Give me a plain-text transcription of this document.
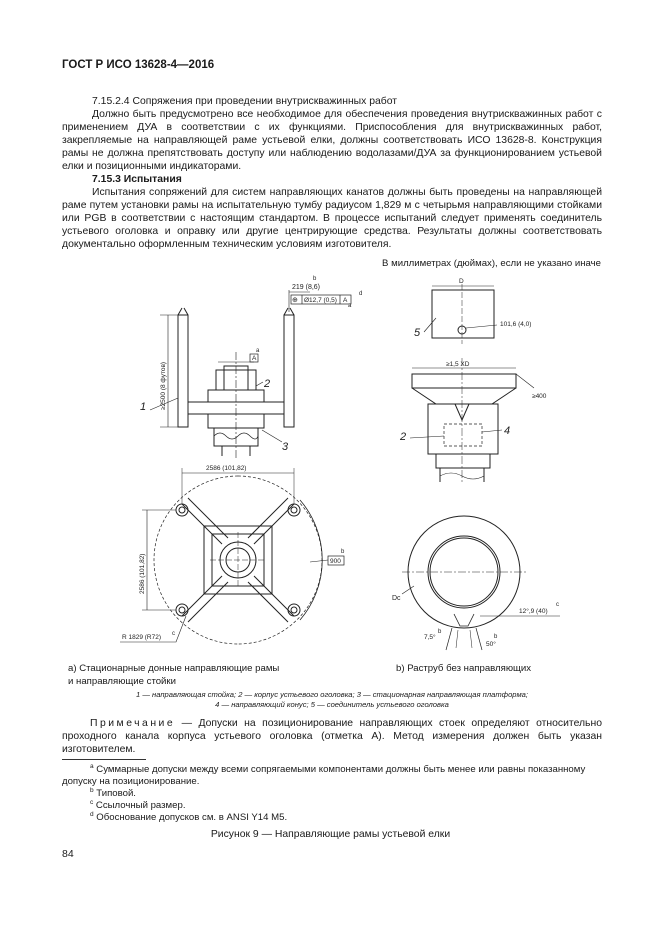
ГОСТ Р ИСО 13628-4—2016

7.15.2.4 Сопряжения при проведении внутрискважинных работ

Должно быть предусмотрено все необходимое для обеспечения проведения внутрискважинных работ с применением ДУА в соответствии с их функциями. Приспособления для внутрискважинных работ, закрепляемые на направляющей раме устьевой елки, должны соответствовать ИСО 13628-8. Конструкция рамы не должна препятствовать доступу или наблюдению водолазами/ДУА за функционированием устьевой елки и позиционными индикаторами.

7.15.3 Испытания

Испытания сопряжений для систем направляющих канатов должны быть проведены на направляющей раме путем установки рамы на испытательную тумбу радиусом 1,829 м с четырьмя направляющими стойками или PGB в соответствии с настоящим стандартом. В процессе испытаний следует применять соединитель устьевого оголовка и оправку или другие центрирующие средства. Результаты должны соответствовать документально оформленным техническим условиям изготовителя.

В миллиметрах (дюймах), если не указано иначе
219 (8,6)
b
⊕ Ø12,7 (0,5) A
d
a
A
a
≥2500 (8 футов)
1
2
3
2586 (101,82)
2586 (101,82)
R 1829 (R72) c
900
b
D
101,6 (4,0)
5
≥1,5 XD
≥400
2	4
Dc
12°,9 (40)
c
7,5°
b
50°
b
a) Стационарные донные направляющие рамы
и направляющие стойки
b) Раструб без направляющих
1 — направляющая стойка; 2 — корпус устьевого оголовка; 3 — стационарная направляющая платформа;
4 — направляющий конус; 5 — соединитель устьевого оголовка
Примечание — Допуски на позиционирование направляющих стоек определяют относительно проходного канала корпуса устьевого оголовка (отметка А). Метод измерения должен быть указан изготовителем.
$^a$ Суммарные допуски между всеми сопрягаемыми компонентами должны быть менее или равны показанному допуску на позиционирование.
$^b$ Типовой.
$^c$ Ссылочный размер.
$^d$ Обоснование допусков см. в ANSI Y14 M5.
Рисунок 9 — Направляющие рамы устьевой елки
84
